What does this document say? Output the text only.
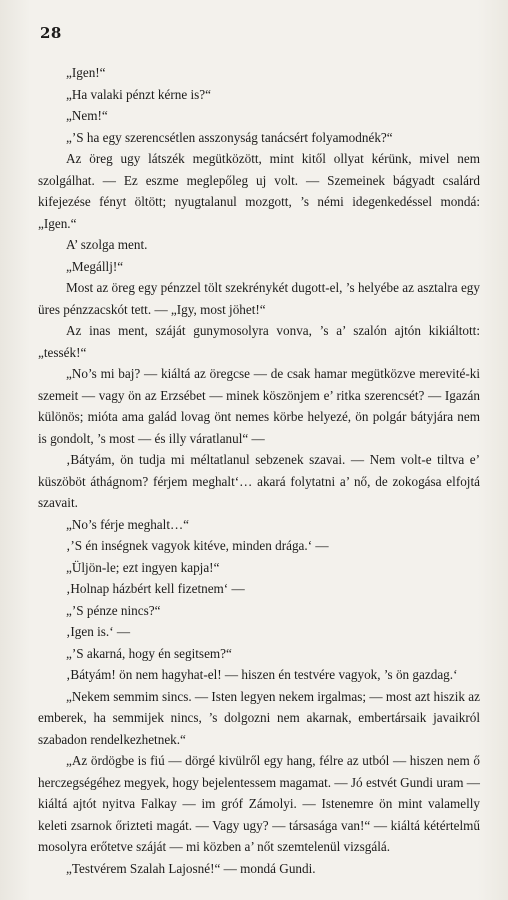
28

„Igen!“

„Ha valaki pénzt kérne is?“

„Nem!“

„’S ha egy szerencsétlen asszonyság tanácsért folyamodnék?“

Az öreg ugy látszék megütközött, mint kitől ollyat kérünk, mivel nem szolgálhat. — Ez eszme meglepőleg uj volt. — Szemeinek bágyadt csalárd kifejezése fényt öltött; nyugtalanul mozgott, ’s némi idegenkedéssel mondá: „Igen.“

A’ szolga ment.

„Megállj!“

Most az öreg egy pénzzel tölt szekrénykét dugott-el, ’s helyébe az asztalra egy üres pénzzacskót tett. — „Igy, most jöhet!“

Az inas ment, száját gunymosolyra vonva, ’s a’ szalón ajtón kikiáltott: „tessék!“

„No’s mi baj? — kiáltá az öregcse — de csak hamar megütközve merevité-ki szemeit — vagy ön az Erzsébet — minek köszönjem e’ ritka szerencsét? — Igazán különös; mióta ama galád lovag önt nemes körbe helyezé, ön polgár bátyjára nem is gondolt, ’s most — és illy váratlanul“ —

‚Bátyám, ön tudja mi méltatlanul sebzenek szavai. — Nem volt-e tiltva e’ küszöböt áthágnom? férjem meghalt‘… akará folytatni a’ nő, de zokogása elfojtá szavait.

„No’s férje meghalt…“

‚’S én inségnek vagyok kitéve, minden drága.‘ —

„Üljön-le; ezt ingyen kapja!“

‚Holnap házbért kell fizetnem‘ —

„’S pénze nincs?“

‚Igen is.‘ —

„’S akarná, hogy én segitsem?“

‚Bátyám! ön nem hagyhat-el! — hiszen én testvére vagyok, ’s ön gazdag.‘

„Nekem semmim sincs. — Isten legyen nekem irgalmas; — most azt hiszik az emberek, ha semmijek nincs, ’s dolgozni nem akarnak, embertársaik javaikról szabadon rendelkezhetnek.“

„Az ördögbe is fiú — dörgé kivülről egy hang, félre az utból — hiszen nem ő herczegségéhez megyek, hogy bejelentessem magamat. — Jó estvét Gundi uram — kiáltá ajtót nyitva Falkay — im gróf Zámolyi. — Istenemre ön mint valamelly keleti zsarnok őrizteti magát. — Vagy ugy? — társasága van!“ — kiáltá kétértelmű mosolyra erőtetve száját — mi közben a’ nőt szemtelenül vizsgálá.

„Testvérem Szalah Lajosné!“ — mondá Gundi.
